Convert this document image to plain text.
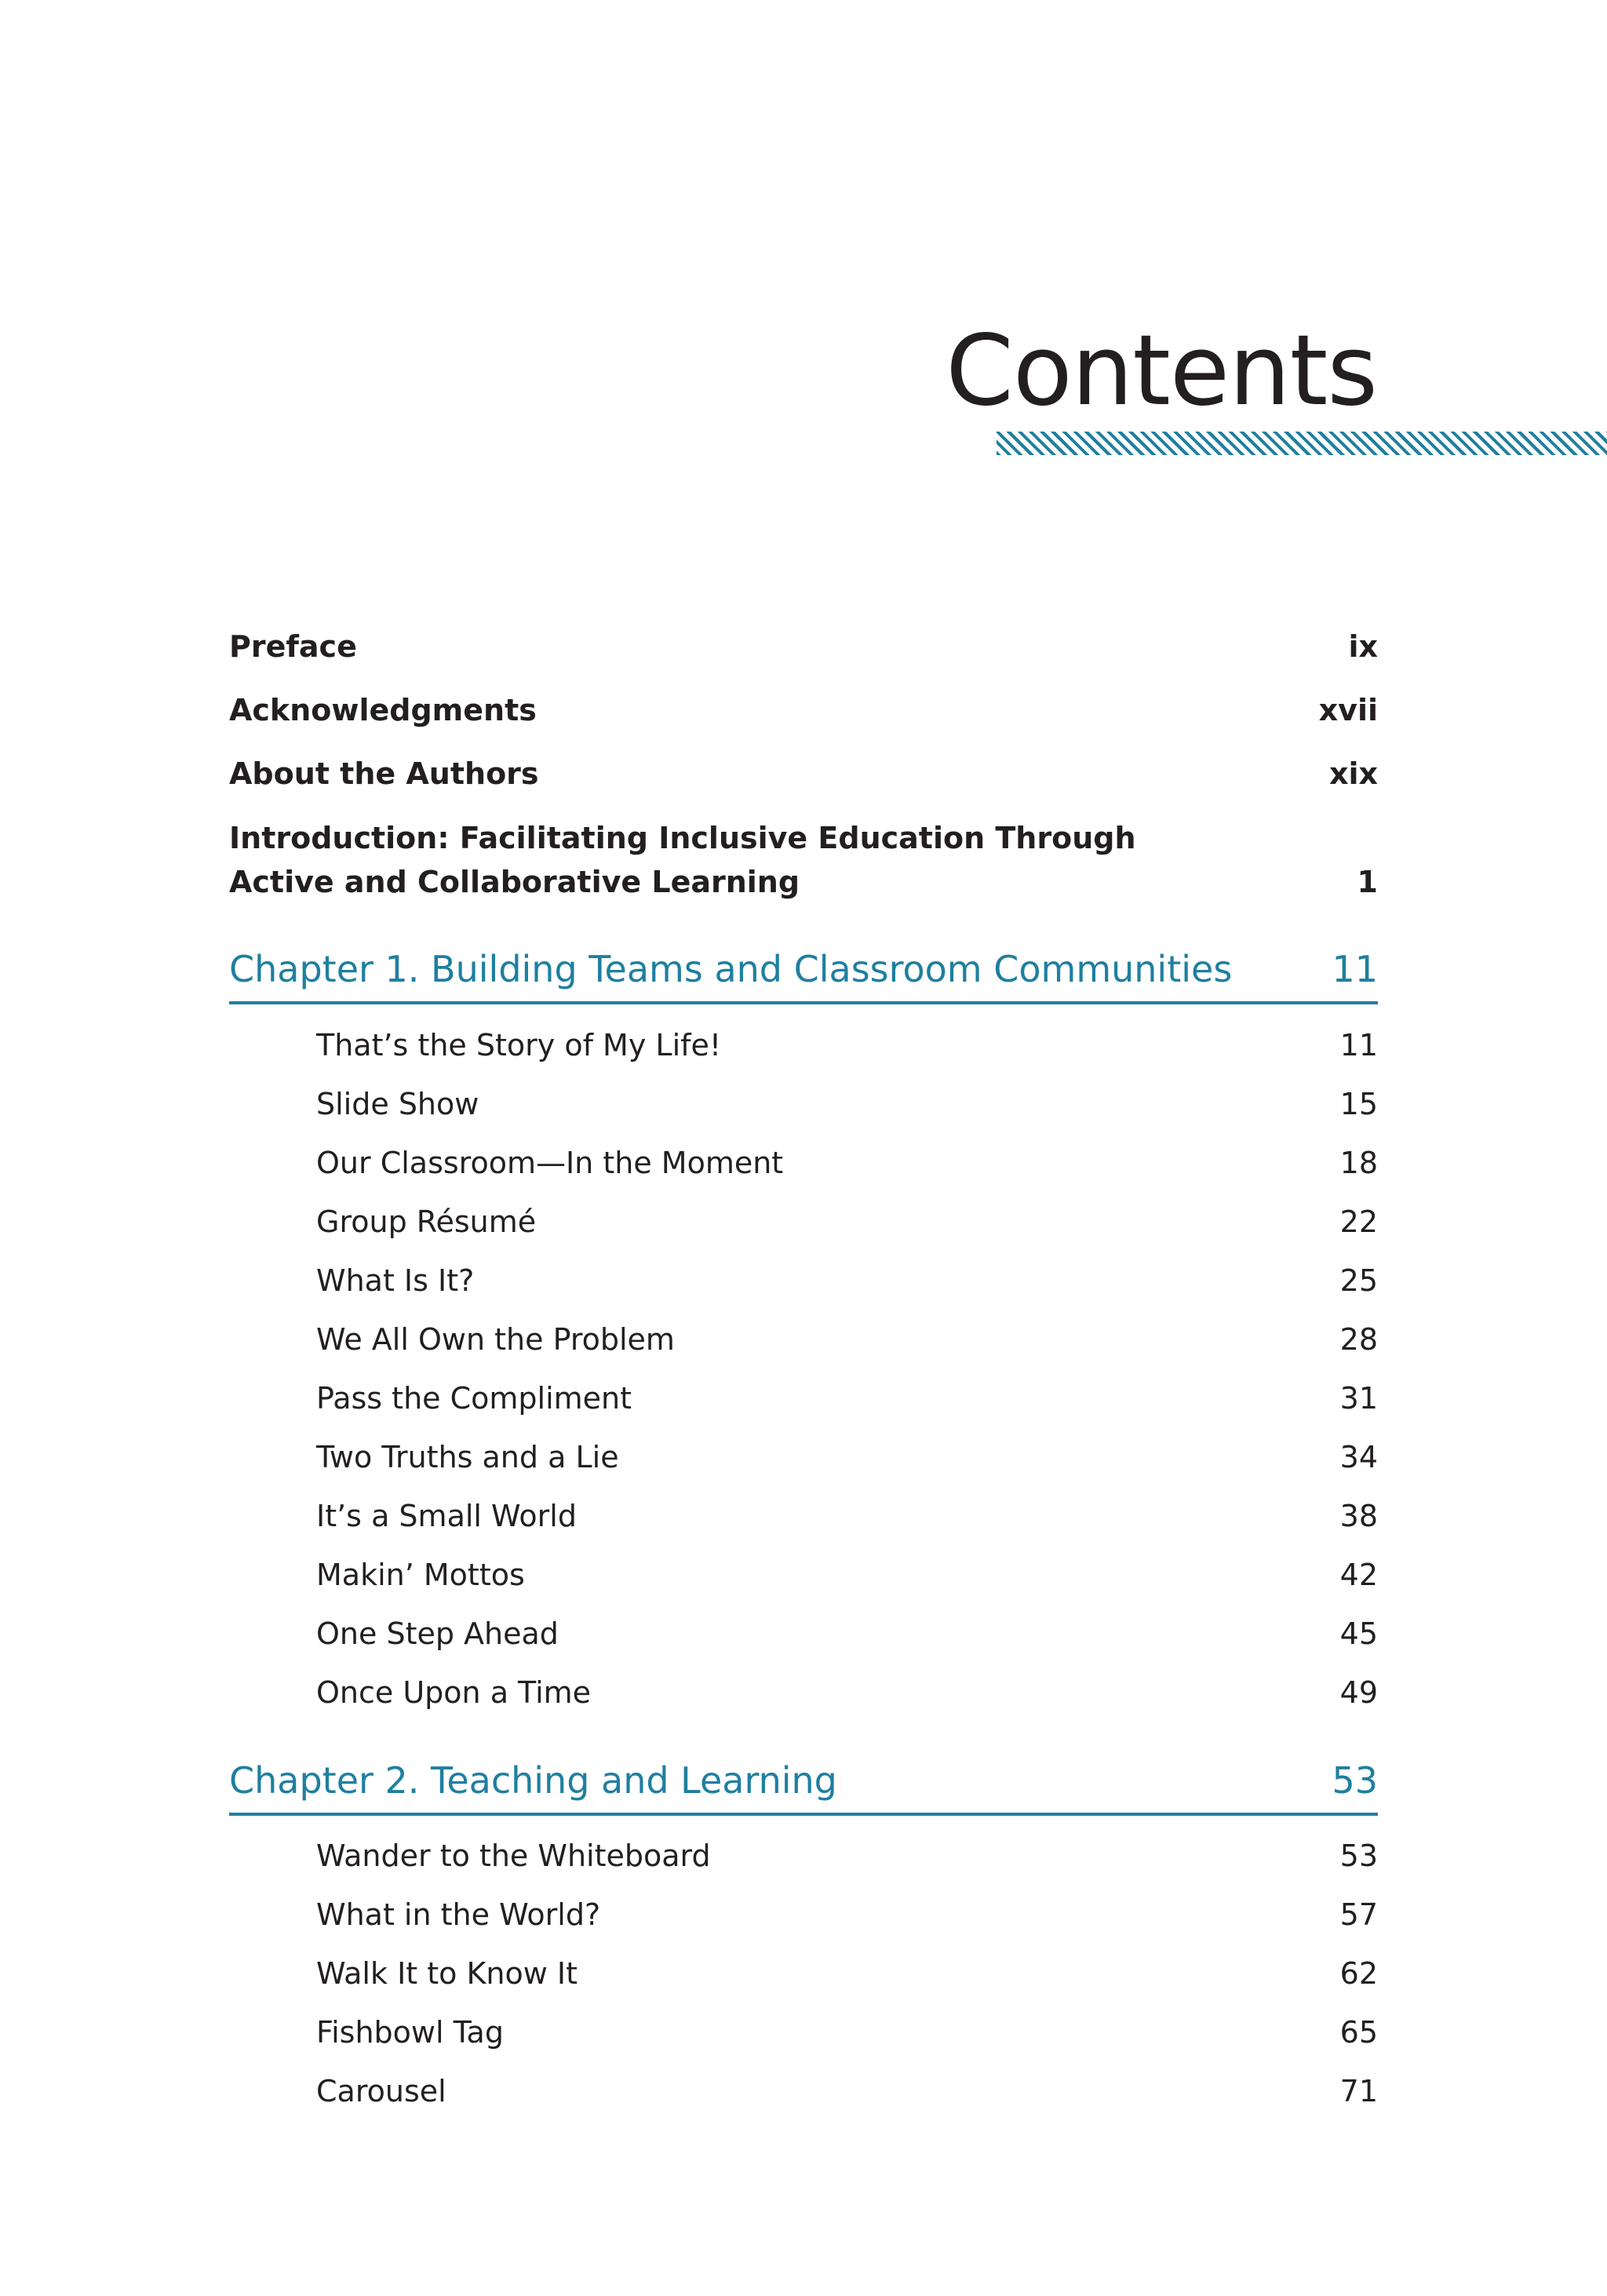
Contents
Preface	ix
Acknowledgments	xvii
About the Authors	xix
Introduction: Facilitating Inclusive Education Through
Active and Collaborative Learning	1
Chapter 1. Building Teams and Classroom Communities	11
That’s the Story of My Life!	11
Slide Show	15
Our Classroom—In the Moment	18
Group Résumé	22
What Is It?	25
We All Own the Problem	28
Pass the Compliment	31
Two Truths and a Lie	34
It’s a Small World	38
Makin’ Mottos	42
One Step Ahead	45
Once Upon a Time	49
Chapter 2. Teaching and Learning	53
Wander to the Whiteboard	53
What in the World?	57
Walk It to Know It	62
Fishbowl Tag	65
Carousel	71
